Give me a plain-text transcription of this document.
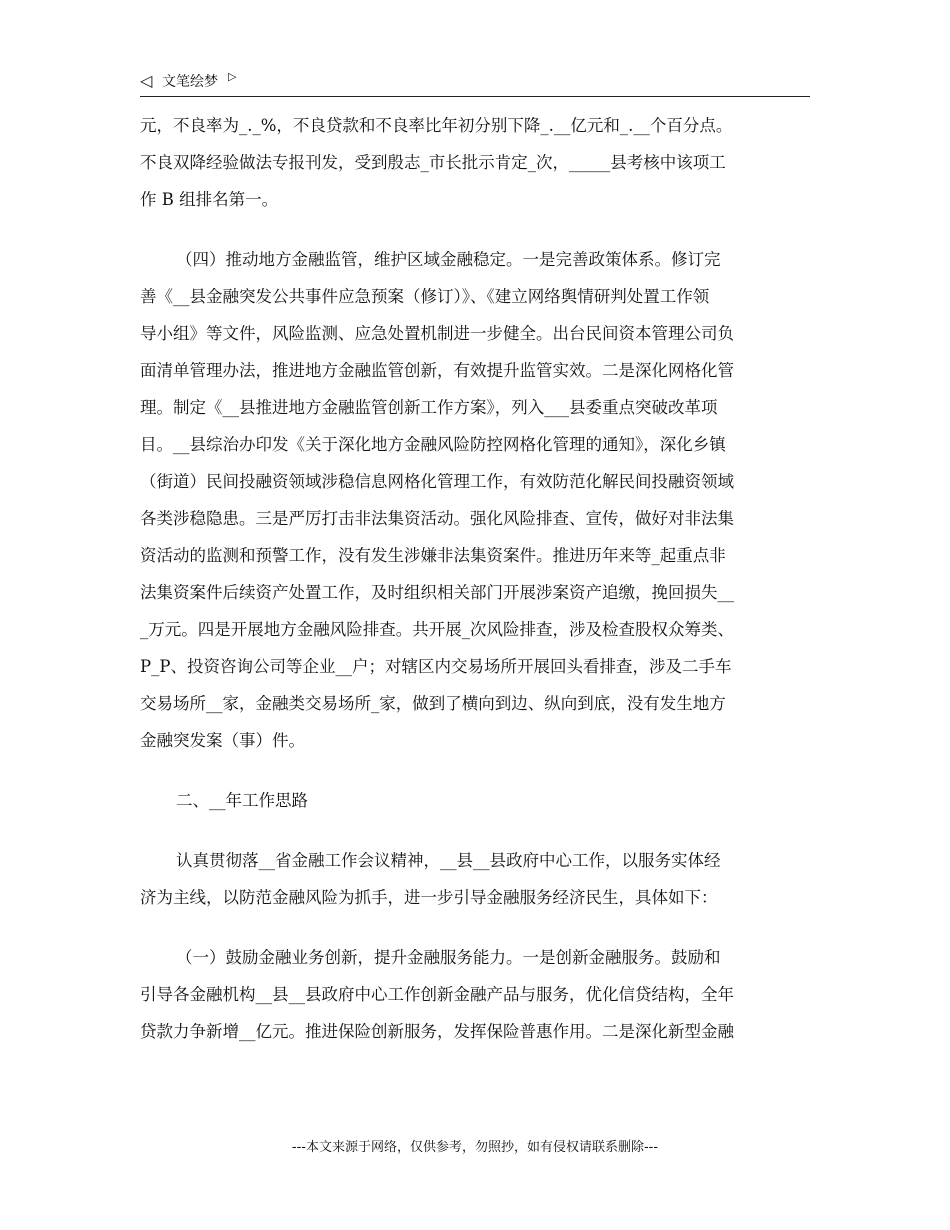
◁ 文笔绘梦 ▷
元，不良率为_._%，不良贷款和不良率比年初分别下降_.__亿元和_.__个百分点。
不良双降经验做法专报刊发，受到殷志_市长批示肯定_次，_____县考核中该项工
作 B 组排名第一。
（四）推动地方金融监管，维护区域金融稳定。一是完善政策体系。修订完
善《__县金融突发公共事件应急预案（修订）》、《建立网络舆情研判处置工作领
导小组》等文件，风险监测、应急处置机制进一步健全。出台民间资本管理公司负
面清单管理办法，推进地方金融监管创新，有效提升监管实效。二是深化网格化管
理。制定《__县推进地方金融监管创新工作方案》，列入___县委重点突破改革项
目。__县综治办印发《关于深化地方金融风险防控网格化管理的通知》，深化乡镇
（街道）民间投融资领域涉稳信息网格化管理工作，有效防范化解民间投融资领域
各类涉稳隐患。三是严厉打击非法集资活动。强化风险排查、宣传，做好对非法集
资活动的监测和预警工作，没有发生涉嫌非法集资案件。推进历年来等_起重点非
法集资案件后续资产处置工作，及时组织相关部门开展涉案资产追缴，挽回损失__
_万元。四是开展地方金融风险排查。共开展_次风险排查，涉及检查股权众筹类、
P_P、投资咨询公司等企业__户；对辖区内交易场所开展回头看排查，涉及二手车
交易场所__家，金融类交易场所_家，做到了横向到边、纵向到底，没有发生地方
金融突发案（事）件。
二、__年工作思路
认真贯彻落__省金融工作会议精神，__县__县政府中心工作，以服务实体经
济为主线，以防范金融风险为抓手，进一步引导金融服务经济民生，具体如下：
（一）鼓励金融业务创新，提升金融服务能力。一是创新金融服务。鼓励和
引导各金融机构__县__县政府中心工作创新金融产品与服务，优化信贷结构，全年
贷款力争新增__亿元。推进保险创新服务，发挥保险普惠作用。二是深化新型金融
---本文来源于网络，仅供参考，勿照抄，如有侵权请联系删除---
